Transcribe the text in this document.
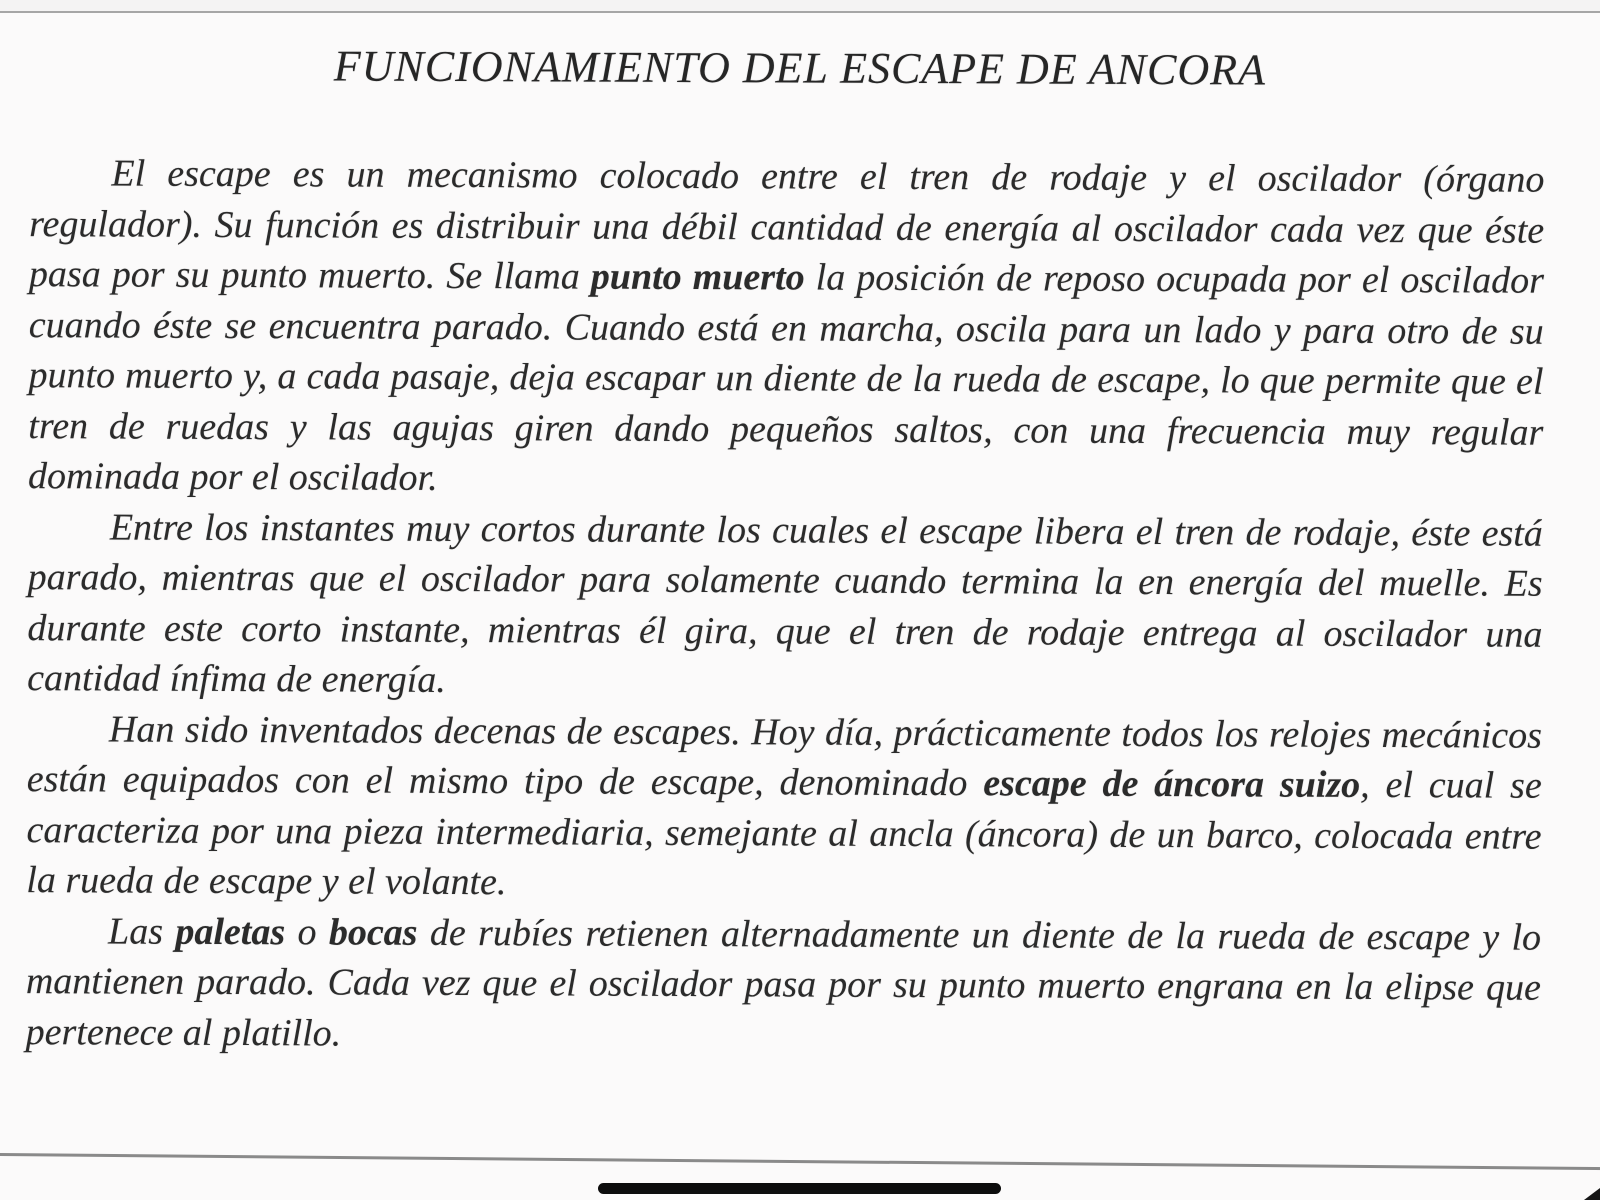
FUNCIONAMIENTO DEL ESCAPE DE ANCORA

El escape es un mecanismo colocado entre el tren de rodaje y el oscilador (órgano regulador). Su función es distribuir una débil cantidad de energía al oscilador cada vez que éste pasa por su punto muerto. Se llama punto muerto la posición de reposo ocupada por el oscilador cuando éste se encuentra parado. Cuando está en marcha, oscila para un lado y para otro de su punto muerto y, a cada pasaje, deja escapar un diente de la rueda de escape, lo que permite que el tren de ruedas y las agujas giren dando pequeños saltos, con una frecuencia muy regular dominada por el oscilador.

Entre los instantes muy cortos durante los cuales el escape libera el tren de rodaje, éste está parado, mientras que el oscilador para solamente cuando termina la en energía del muelle. Es durante este corto instante, mientras él gira, que el tren de rodaje entrega al oscilador una cantidad ínfima de energía.

Han sido inventados decenas de escapes. Hoy día, prácticamente todos los relojes mecánicos están equipados con el mismo tipo de escape, denominado escape de áncora suizo, el cual se caracteriza por una pieza intermediaria, semejante al ancla (áncora) de un barco, colocada entre la rueda de escape y el volante.

Las paletas o bocas de rubíes retienen alternadamente un diente de la rueda de escape y lo mantienen parado. Cada vez que el oscilador pasa por su punto muerto engrana en la elipse que pertenece al platillo.
